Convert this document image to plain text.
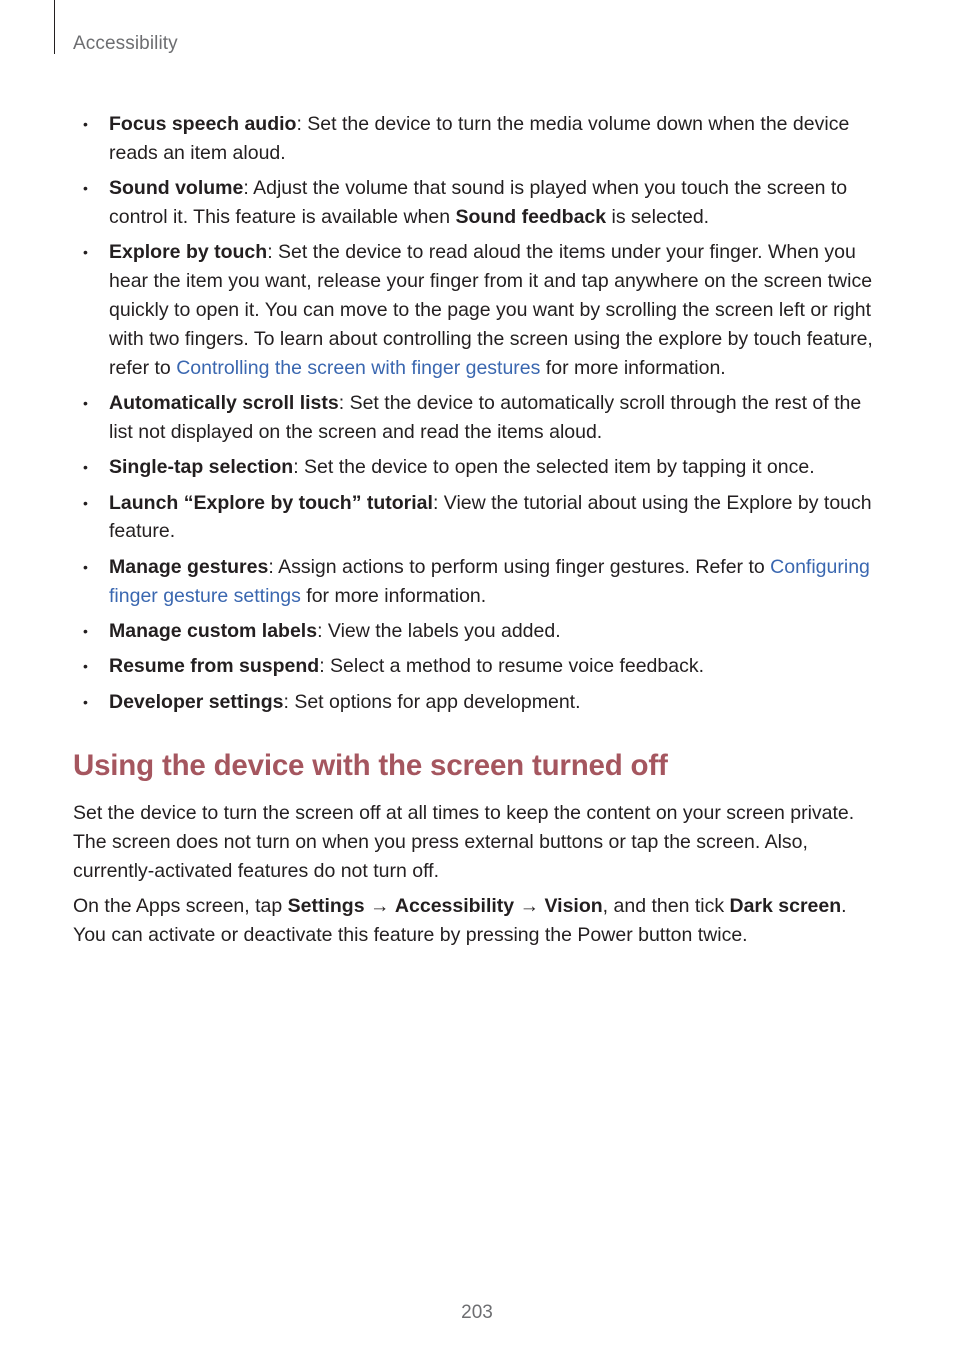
Accessibility
• Focus speech audio: Set the device to turn the media volume down when the device reads an item aloud.
• Sound volume: Adjust the volume that sound is played when you touch the screen to control it. This feature is available when Sound feedback is selected.
• Explore by touch: Set the device to read aloud the items under your finger. When you hear the item you want, release your finger from it and tap anywhere on the screen twice quickly to open it. You can move to the page you want by scrolling the screen left or right with two fingers. To learn about controlling the screen using the explore by touch feature, refer to Controlling the screen with finger gestures for more information.
• Automatically scroll lists: Set the device to automatically scroll through the rest of the list not displayed on the screen and read the items aloud.
• Single-tap selection: Set the device to open the selected item by tapping it once.
• Launch “Explore by touch” tutorial: View the tutorial about using the Explore by touch feature.
• Manage gestures: Assign actions to perform using finger gestures. Refer to Configuring finger gesture settings for more information.
• Manage custom labels: View the labels you added.
• Resume from suspend: Select a method to resume voice feedback.
• Developer settings: Set options for app development.
Using the device with the screen turned off

Set the device to turn the screen off at all times to keep the content on your screen private. The screen does not turn on when you press external buttons or tap the screen. Also, currently-activated features do not turn off.

On the Apps screen, tap Settings → Accessibility → Vision, and then tick Dark screen. You can activate or deactivate this feature by pressing the Power button twice.

203
